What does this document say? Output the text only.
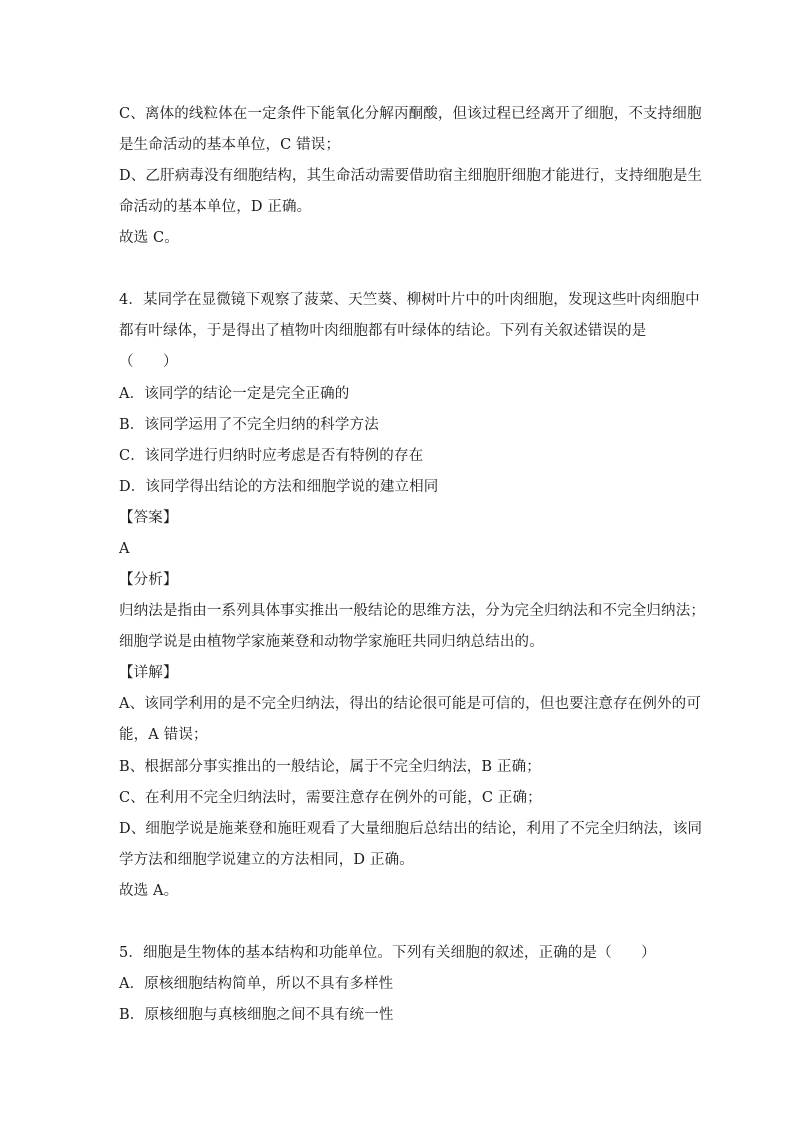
C、离体的线粒体在一定条件下能氧化分解丙酮酸，但该过程已经离开了细胞，不支持细胞
是生命活动的基本单位，C 错误；
D、乙肝病毒没有细胞结构，其生命活动需要借助宿主细胞肝细胞才能进行，支持细胞是生
命活动的基本单位，D 正确。
故选 C。
4．某同学在显微镜下观察了菠菜、天竺葵、柳树叶片中的叶肉细胞，发现这些叶肉细胞中
都有叶绿体，于是得出了植物叶肉细胞都有叶绿体的结论。下列有关叙述错误的是
（　　）
A．该同学的结论一定是完全正确的
B．该同学运用了不完全归纳的科学方法
C．该同学进行归纳时应考虑是否有特例的存在
D．该同学得出结论的方法和细胞学说的建立相同
【答案】
A
【分析】
归纳法是指由一系列具体事实推出一般结论的思维方法，分为完全归纳法和不完全归纳法；
细胞学说是由植物学家施莱登和动物学家施旺共同归纳总结出的。
【详解】
A、该同学利用的是不完全归纳法，得出的结论很可能是可信的，但也要注意存在例外的可
能，A 错误；
B、根据部分事实推出的一般结论，属于不完全归纳法，B 正确；
C、在利用不完全归纳法时，需要注意存在例外的可能，C 正确；
D、细胞学说是施莱登和施旺观看了大量细胞后总结出的结论，利用了不完全归纳法，该同
学方法和细胞学说建立的方法相同，D 正确。
故选 A。
5．细胞是生物体的基本结构和功能单位。下列有关细胞的叙述，正确的是（　　）
A．原核细胞结构简单，所以不具有多样性
B．原核细胞与真核细胞之间不具有统一性
